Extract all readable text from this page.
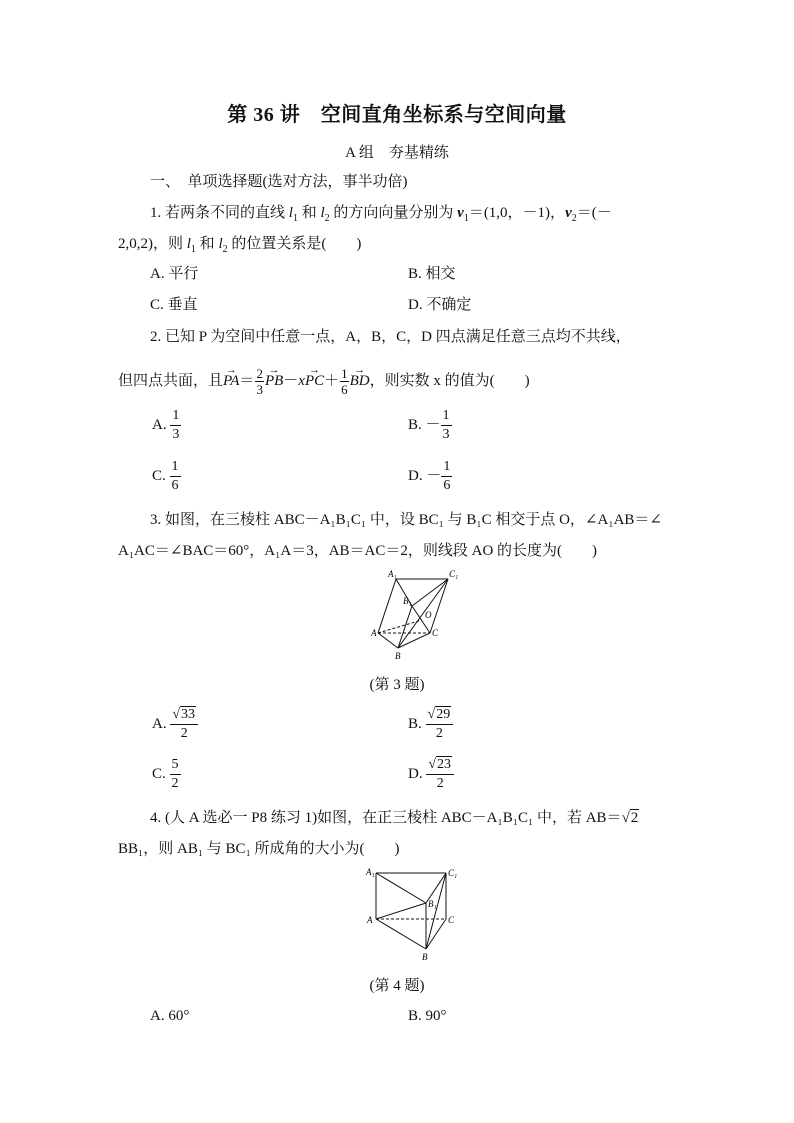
第 36 讲　空间直角坐标系与空间向量
A 组　夯基精练
一、　单项选择题(选对方法，事半功倍)
1. 若两条不同的直线 $l_1$ 和 $l_2$ 的方向向量分别为 $v_1=(1,0$，－1)，$v_2=(-$
2,0,2)，则 $l_1$ 和 $l_2$ 的位置关系是(　　)
A. 平行	B. 相交
C. 垂直	D. 不确定
2. 已知 P 为空间中任意一点，A，B，C，D 四点满足任意三点均不共线，
但四点共面，且→ $PA= \frac{2}{3}$
→ $PB-x\to PC+ \frac{1}{6}$
→ BD，则实数 x 的值为(　　)
A. $\frac{1}{3}$	B. － $\frac{1}{3}$
C. $\frac{1}{6}$	D. － $\frac{1}{6}$
3. 如图，在三棱柱 ABC－A₁B₁C₁ 中，设 BC₁ 与 B₁C 相交于点 O，∠A₁AB＝∠
A₁AC＝∠BAC＝60°，A₁A＝3，AB＝AC＝2，则线段 AO 的长度为(　　)
A₁	C₁
B₁
O
A	C
B
(第 3 题)
A. $\frac{√33}{2}$	B. $\frac{√29}{2}$
C. $\frac{5}{2}$	D. $\frac{√23}{2}$
4. (人 A 选必一 P8 练习 1)如图，在正三棱柱 ABC－A₁B₁C₁ 中，若 AB＝√2
BB₁，则 AB₁ 与 BC₁ 所成角的大小为(　　)
A₁	C₁
B₁
A	C
B
(第 4 题)
A. 60°	B. 90°
